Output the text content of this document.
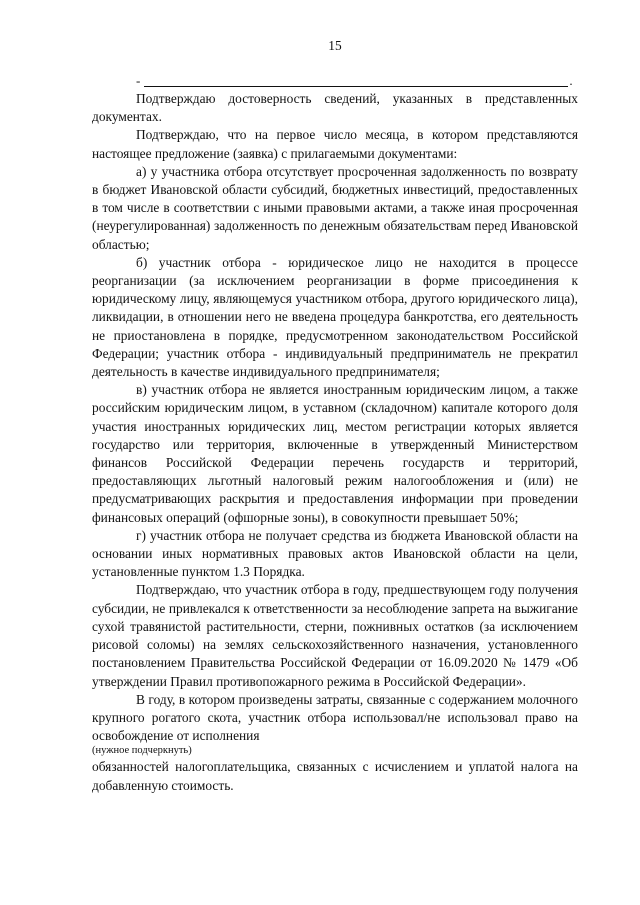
15
-	.

Подтверждаю достоверность сведений, указанных в представленных документах.

Подтверждаю, что на первое число месяца, в котором представляются настоящее предложение (заявка) с прилагаемыми документами:

а) у участника отбора отсутствует просроченная задолженность по возврату в бюджет Ивановской области субсидий, бюджетных инвестиций, предоставленных в том числе в соответствии с иными правовыми актами, а также иная просроченная (неурегулированная) задолженность по денежным обязательствам перед Ивановской областью;

б) участник отбора - юридическое лицо не находится в процессе реорганизации (за исключением реорганизации в форме присоединения к юридическому лицу, являющемуся участником отбора, другого юридического лица), ликвидации, в отношении него не введена процедура банкротства, его деятельность не приостановлена в порядке, предусмотренном законодательством Российской Федерации; участник отбора - индивидуальный предприниматель не прекратил деятельность в качестве индивидуального предпринимателя;

в) участник отбора не является иностранным юридическим лицом, а также российским юридическим лицом, в уставном (складочном) капитале которого доля участия иностранных юридических лиц, местом регистрации которых является государство или территория, включенные в утвержденный Министерством финансов Российской Федерации перечень государств и территорий, предоставляющих льготный налоговый режим налогообложения и (или) не предусматривающих раскрытия и предоставления информации при проведении финансовых операций (офшорные зоны), в совокупности превышает 50%;

г) участник отбора не получает средства из бюджета Ивановской области на основании иных нормативных правовых актов Ивановской области на цели, установленные пунктом 1.3 Порядка.

Подтверждаю, что участник отбора в году, предшествующем году получения субсидии, не привлекался к ответственности за несоблюдение запрета на выжигание сухой травянистой растительности, стерни, пожнивных остатков (за исключением рисовой соломы) на землях сельскохозяйственного назначения, установленного постановлением Правительства Российской Федерации от 16.09.2020 № 1479 «Об утверждении Правил противопожарного режима в Российской Федерации».

В году, в котором произведены затраты, связанные с содержанием молочного крупного рогатого скота, участник отбора использовал/не использовал право на освобождение от исполнения
(нужное подчеркнуть)
обязанностей налогоплательщика, связанных с исчислением и уплатой налога на добавленную стоимость.
